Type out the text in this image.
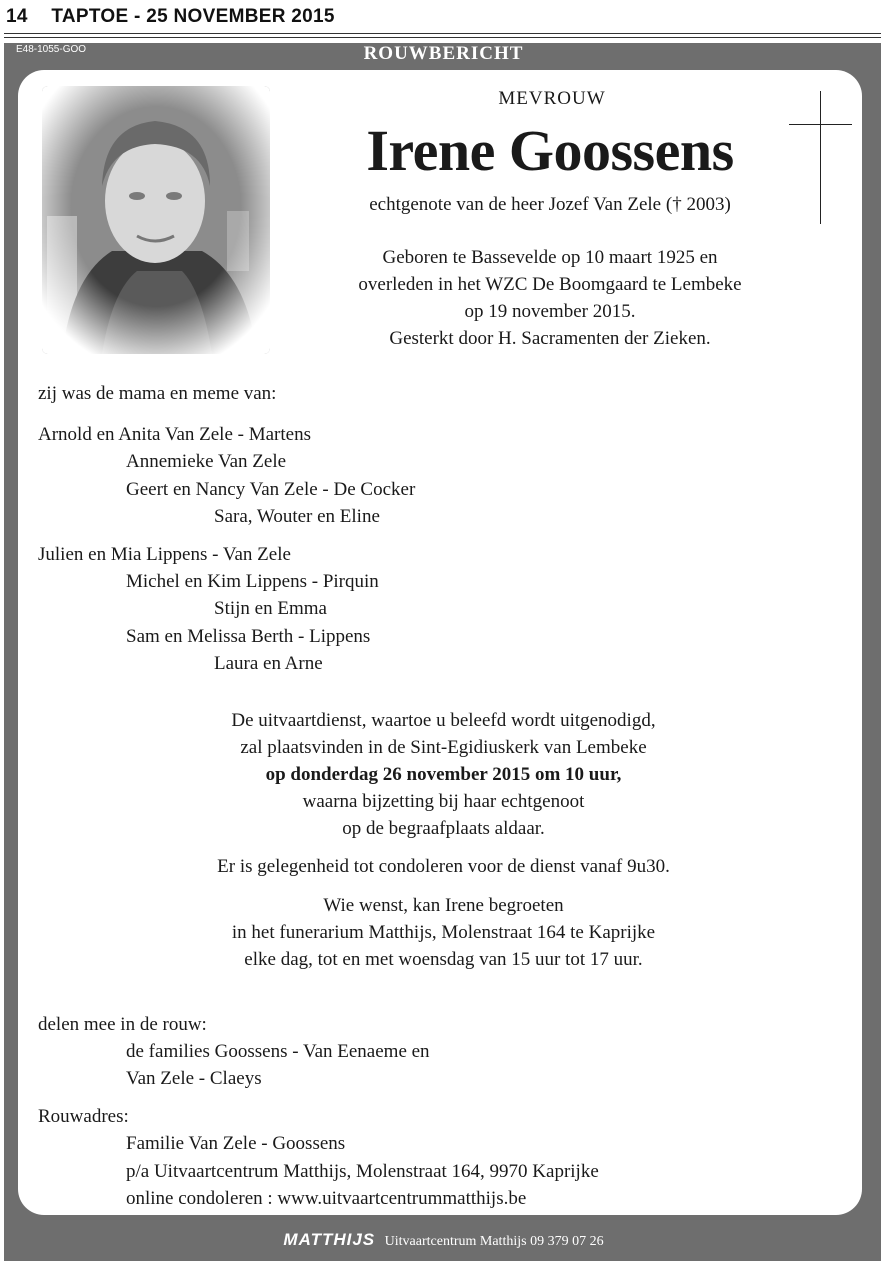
14 TAPTOE - 25 NOVEMBER 2015
E48-1055-GOO	ROUWBERICHT
MEVROUW
Irene Goossens
echtgenote van de heer Jozef Van Zele († 2003)
Geboren te Bassevelde op 10 maart 1925 en
overleden in het WZC De Boomgaard te Lembeke
op 19 november 2015.
Gesterkt door H. Sacramenten der Zieken.
zij was de mama en meme van:
Arnold en Anita Van Zele - Martens
Annemieke Van Zele
Geert en Nancy Van Zele - De Cocker
Sara, Wouter en Eline
Julien en Mia Lippens - Van Zele
Michel en Kim Lippens - Pirquin
Stijn en Emma
Sam en Melissa Berth - Lippens
Laura en Arne
De uitvaartdienst, waartoe u beleefd wordt uitgenodigd,
zal plaatsvinden in de Sint-Egidiuskerk van Lembeke
op donderdag 26 november 2015 om 10 uur,
waarna bijzetting bij haar echtgenoot
op de begraafplaats aldaar.
Er is gelegenheid tot condoleren voor de dienst vanaf 9u30.
Wie wenst, kan Irene begroeten
in het funerarium Matthijs, Molenstraat 164 te Kaprijke
elke dag, tot en met woensdag van 15 uur tot 17 uur.
delen mee in de rouw:
de families Goossens - Van Eenaeme en
Van Zele - Claeys
Rouwadres:
Familie Van Zele - Goossens
p/a Uitvaartcentrum Matthijs, Molenstraat 164, 9970 Kaprijke
online condoleren : www.uitvaartcentrummatthijs.be
MATTHIJS Uitvaartcentrum Matthijs 09 379 07 26
